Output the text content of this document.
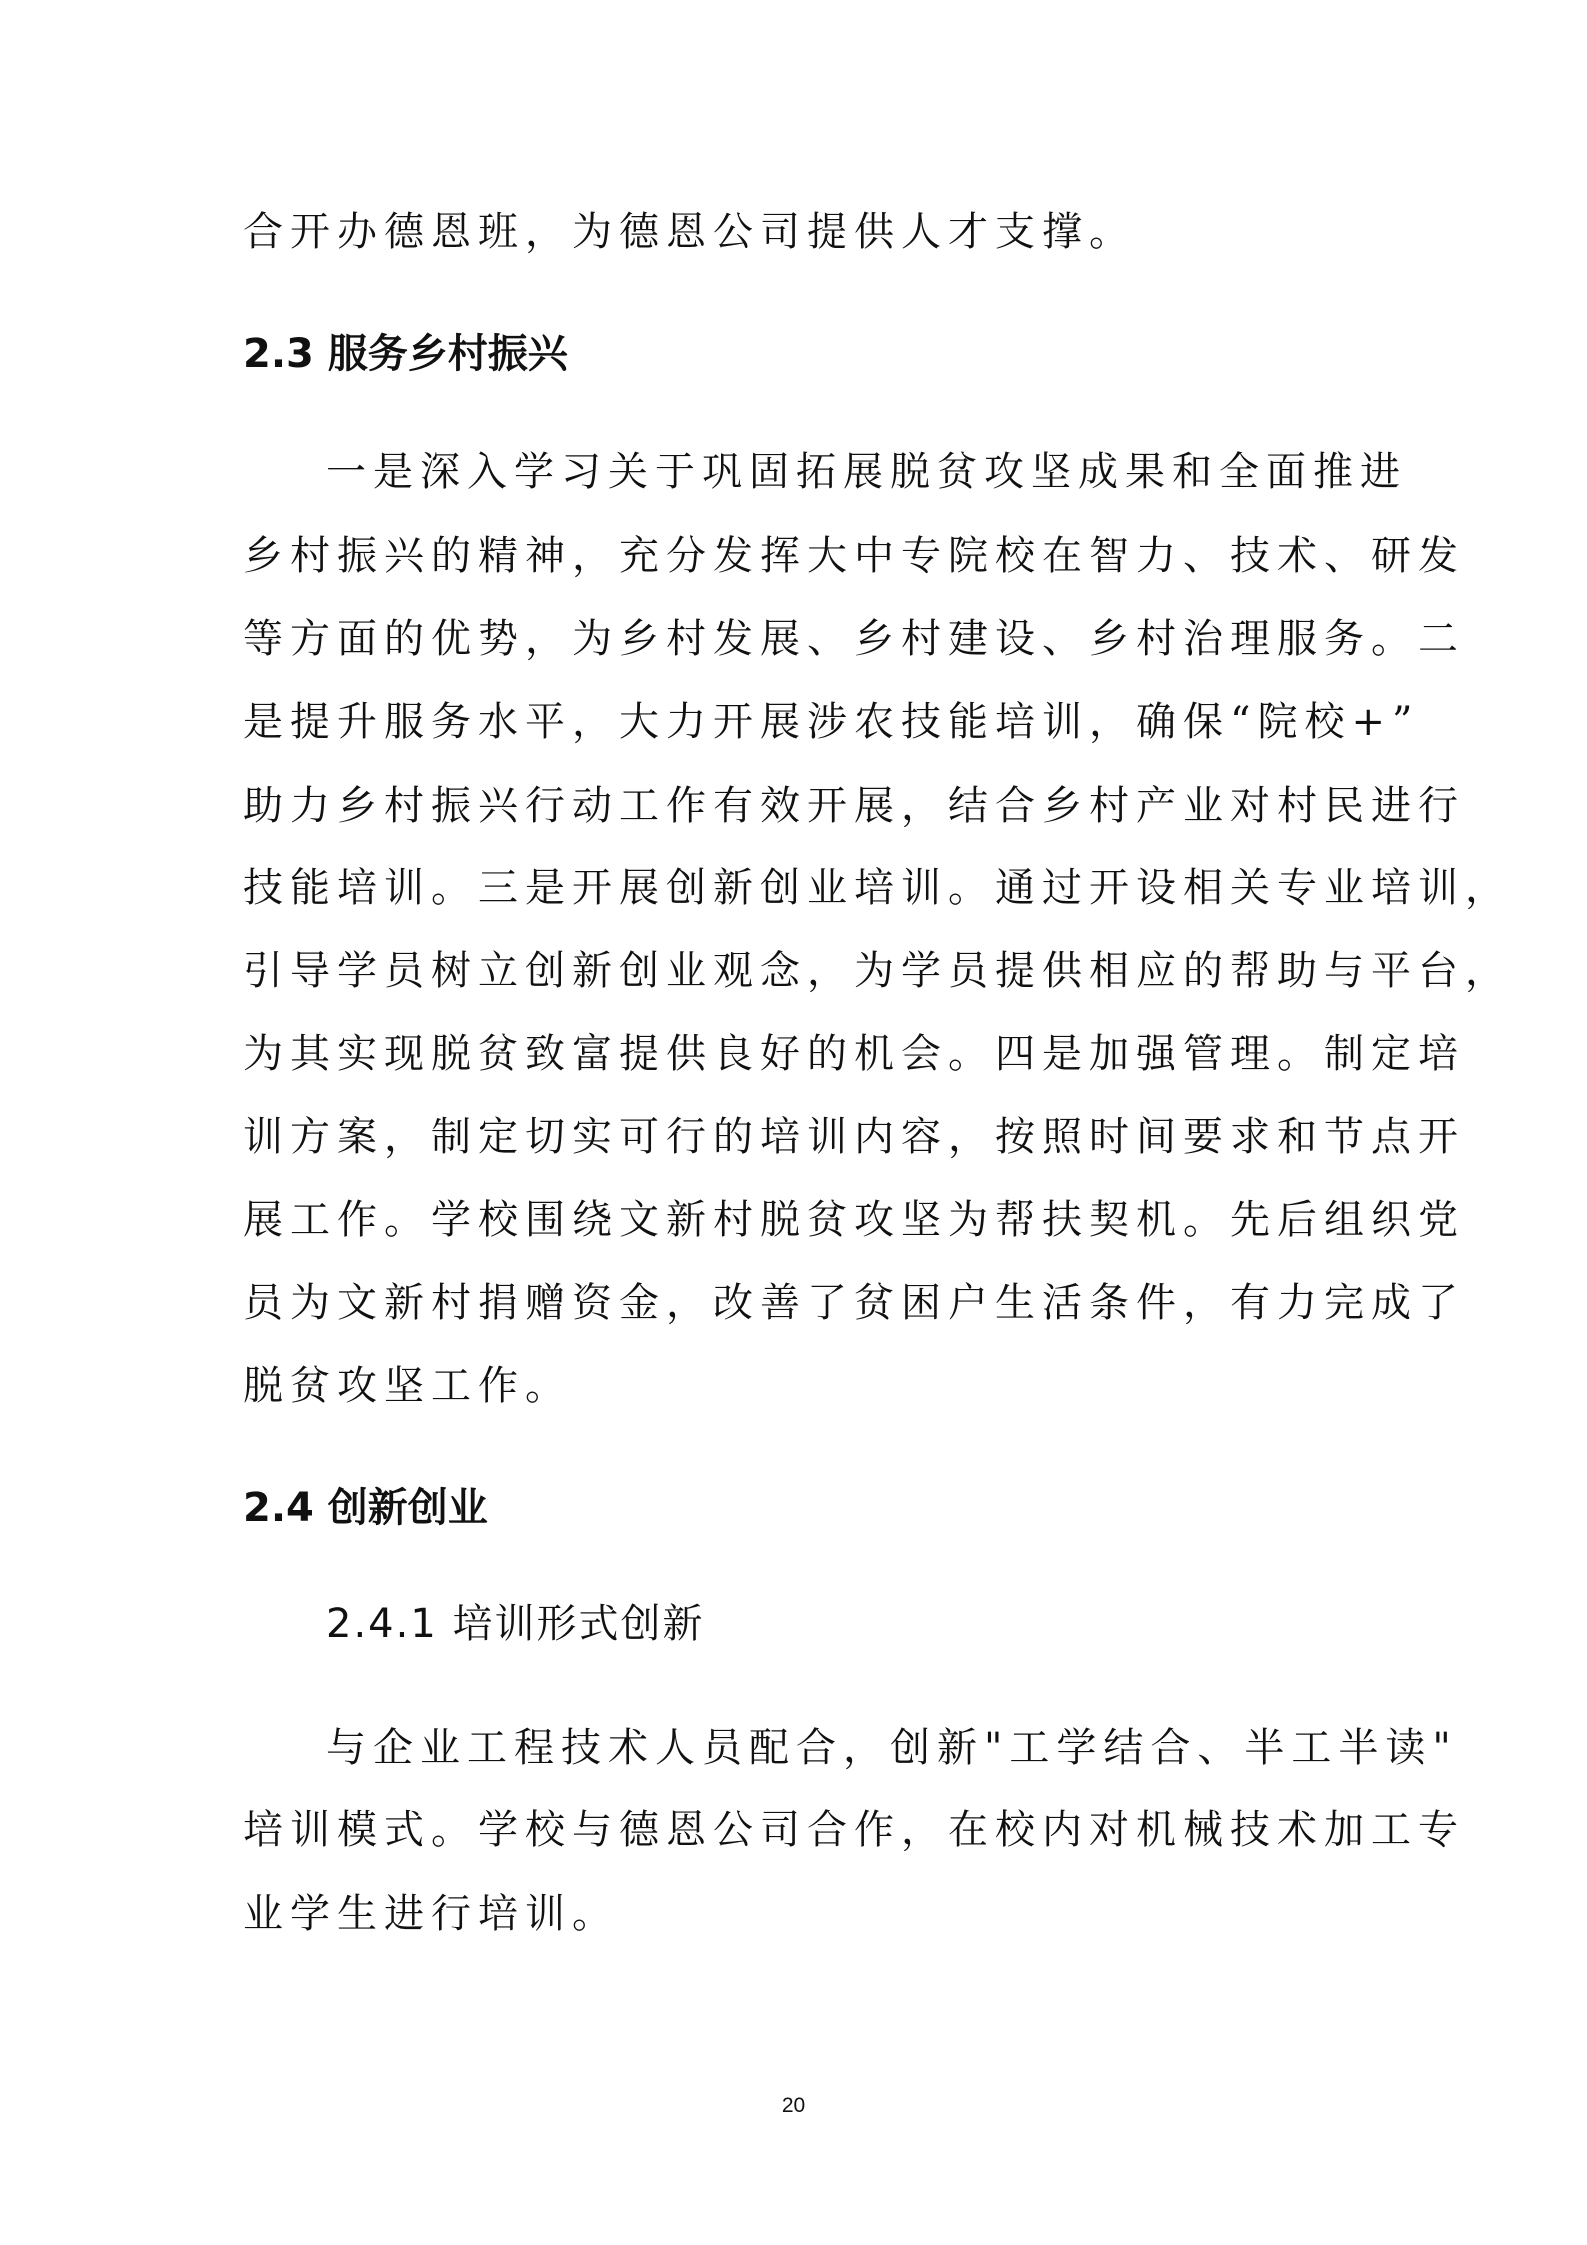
合开办德恩班，为德恩公司提供人才支撑。
2.3 服务乡村振兴
一是深入学习关于巩固拓展脱贫攻坚成果和全面推进
乡村振兴的精神，充分发挥大中专院校在智力、技术、研发
等方面的优势，为乡村发展、乡村建设、乡村治理服务。二
是提升服务水平，大力开展涉农技能培训，确保“院校+”
助力乡村振兴行动工作有效开展，结合乡村产业对村民进行
技能培训。三是开展创新创业培训。通过开设相关专业培训，
引导学员树立创新创业观念，为学员提供相应的帮助与平台，
为其实现脱贫致富提供良好的机会。四是加强管理。制定培
训方案，制定切实可行的培训内容，按照时间要求和节点开
展工作。学校围绕文新村脱贫攻坚为帮扶契机。先后组织党
员为文新村捐赠资金，改善了贫困户生活条件，有力完成了
脱贫攻坚工作。
2.4 创新创业
2.4.1 培训形式创新
与企业工程技术人员配合，创新"工学结合、半工半读"
培训模式。学校与德恩公司合作，在校内对机械技术加工专
业学生进行培训。
20
